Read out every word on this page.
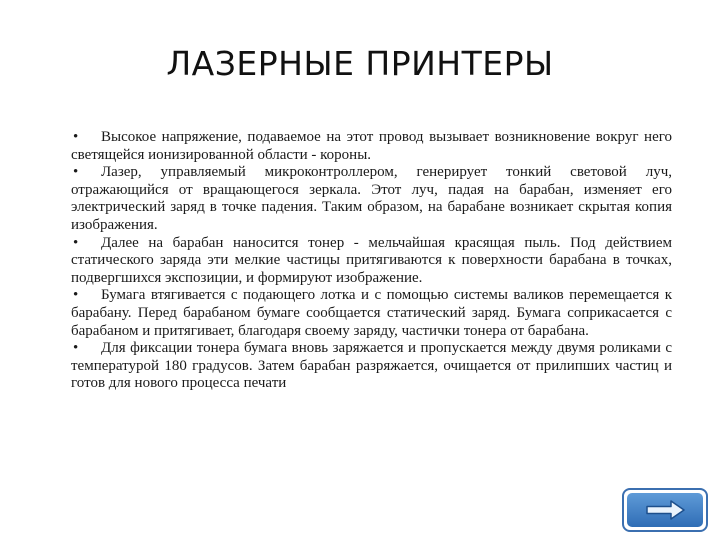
ЛАЗЕРНЫЕ ПРИНТЕРЫ

• Высокое напряжение, подаваемое на этот провод вызывает возникновение вокруг него светящейся ионизированной области - короны.

• Лазер, управляемый микроконтроллером, генерирует тонкий световой луч, отражающийся от вращающегося зеркала. Этот луч, падая на барабан, изменяет его электрический заряд в точке падения. Таким образом, на барабане возникает скрытая копия изображения.

• Далее на барабан наносится тонер - мельчайшая красящая пыль. Под действием статического заряда эти мелкие частицы притягиваются к поверхности барабана в точках, подвергшихся экспозиции, и формируют изображение.

• Бумага втягивается с подающего лотка и с помощью системы валиков перемещается к барабану. Перед барабаном бумаге сообщается статический заряд. Бумага соприкасается с барабаном и притягивает, благодаря своему заряду, частички тонера от барабана.

• Для фиксации тонера бумага вновь заряжается и пропускается между двумя роликами с температурой 180 градусов. Затем барабан разряжается, очищается от прилипших частиц и готов для нового процесса печати
